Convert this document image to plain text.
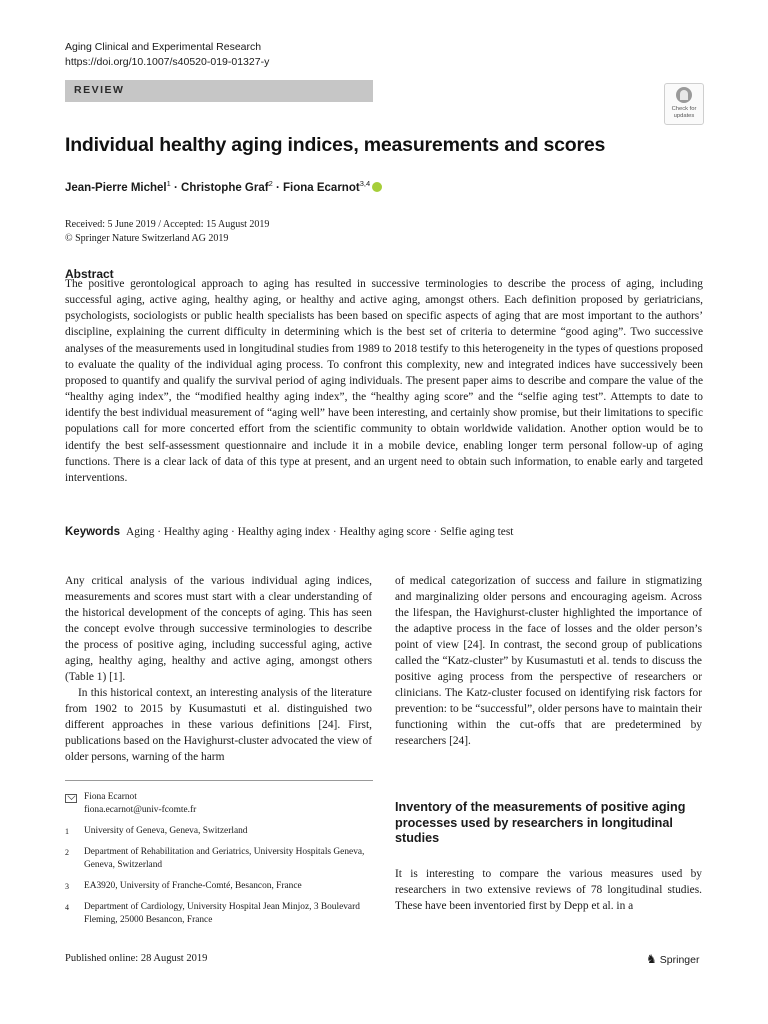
Aging Clinical and Experimental Research
https://doi.org/10.1007/s40520-019-01327-y
REVIEW
Check for
updates
Individual healthy aging indices, measurements and scores
Jean-Pierre Michel$^1$ · Christophe Graf$^2$ · Fiona Ecarnot$^{3,4}$
Received: 5 June 2019 / Accepted: 15 August 2019
© Springer Nature Switzerland AG 2019
Abstract

The positive gerontological approach to aging has resulted in successive terminologies to describe the process of aging, including successful aging, active aging, healthy aging, or healthy and active aging, amongst others. Each definition proposed by geriatricians, psychologists, sociologists or public health specialists has been based on specific aspects of aging that are most important to the authors’ discipline, explaining the current difficulty in determining which is the best set of criteria to determine “good aging”. Two successive analyses of the measurements used in longitudinal studies from 1989 to 2018 testify to this heterogeneity in the types of questions proposed to evaluate the quality of the individual aging process. To confront this complexity, new and integrated indices have successively been proposed to quantify and qualify the survival period of aging individuals. The present paper aims to describe and compare the value of the “healthy aging index”, the “modified healthy aging index”, the “healthy aging score” and the “selfie aging test”. Attempts to date to identify the best individual measurement of “aging well” have been interesting, and certainly show promise, but their limitations to specific populations call for more concerted effort from the scientific community to obtain worldwide validation. Another option would be to identify the best self-assessment questionnaire and include it in a mobile device, enabling longer term personal follow-up of aging functions. There is a clear lack of data of this type at present, and an urgent need to obtain such information, to enable early and targeted interventions.

Keywords Aging · Healthy aging · Healthy aging index · Healthy aging score · Selfie aging test

Any critical analysis of the various individual aging indices, measurements and scores must start with a clear understanding of the historical development of the concepts of aging. This has seen the concept evolve through successive terminologies to describe the process of positive aging, including successful aging, active aging, healthy aging, healthy and active aging, amongst others (Table 1) [1].

In this historical context, an interesting analysis of the literature from 1902 to 2015 by Kusumastuti et al. distinguished two different approaches in these various definitions [24]. First, publications based on the Havighurst-cluster advocated the view of older persons, warning of the harm

of medical categorization of success and failure in stigmatizing and marginalizing older persons and encouraging ageism. Across the lifespan, the Havighurst-cluster highlighted the importance of the adaptive process in the face of losses and the older person’s point of view [24]. In contrast, the second group of publications called the “Katz-cluster” by Kusumastuti et al. tends to discuss the positive aging process from the perspective of researchers or clinicians. The Katz-cluster focused on identifying risk factors for prevention: to be “successful”, older persons have to maintain their functioning within the cut-offs that are predetermined by researchers [24].

Inventory of the measurements of positive aging processes used by researchers in longitudinal studies

It is interesting to compare the various measures used by researchers in two extensive reviews of 78 longitudinal studies. These have been inventoried first by Depp et al. in a

Fiona Ecarnot
fiona.ecarnot@univ-fcomte.fr
1 University of Geneva, Geneva, Switzerland
2 Department of Rehabilitation and Geriatrics, University Hospitals Geneva, Geneva, Switzerland
3 EA3920, University of Franche-Comté, Besancon, France
4 Department of Cardiology, University Hospital Jean Minjoz, 3 Boulevard Fleming, 25000 Besancon, France
Published online: 28 August 2019	♞ Springer
